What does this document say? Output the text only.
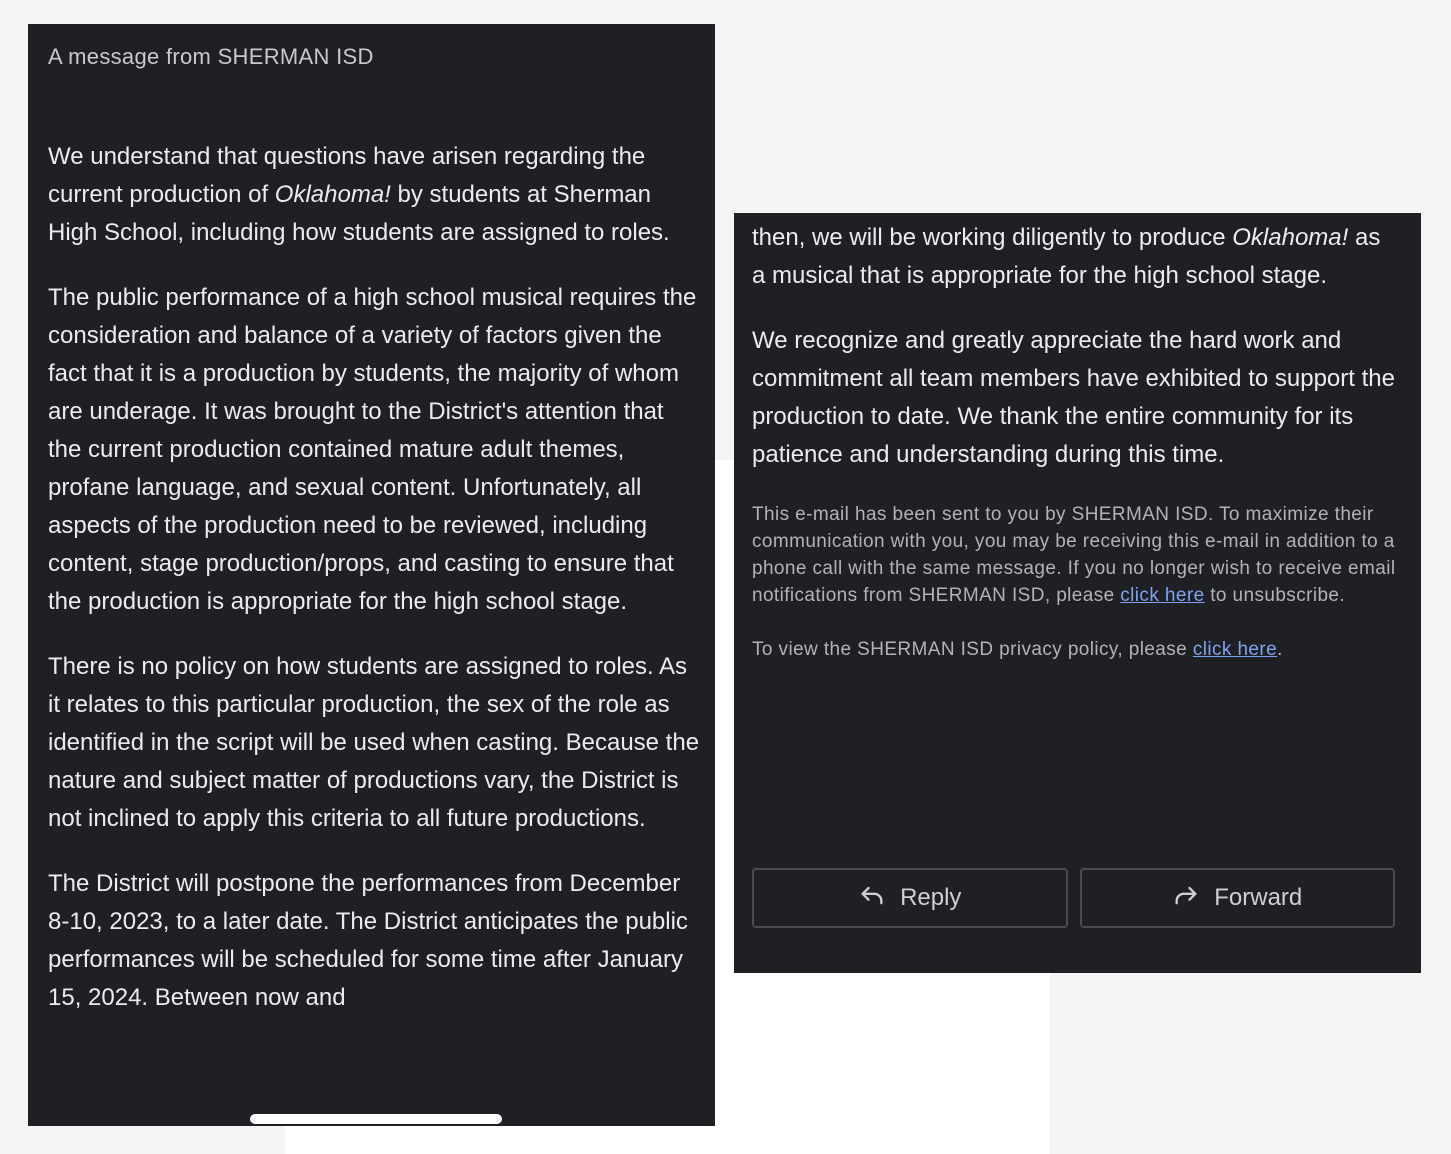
A message from SHERMAN ISD

We understand that questions have arisen regarding the current production of Oklahoma! by students at Sherman High School, including how students are assigned to roles.

The public performance of a high school musical requires the consideration and balance of a variety of factors given the fact that it is a production by students, the majority of whom are underage. It was brought to the District's attention that the current production contained mature adult themes, profane language, and sexual content. Unfortunately, all aspects of the production need to be reviewed, including content, stage production/props, and casting to ensure that the production is appropriate for the high school stage.

There is no policy on how students are assigned to roles. As it relates to this particular production, the sex of the role as identified in the script will be used when casting. Because the nature and subject matter of productions vary, the District is not inclined to apply this criteria to all future productions.

The District will postpone the performances from December 8-10, 2023, to a later date. The District anticipates the public performances will be scheduled for some time after January 15, 2024. Between now and

then, we will be working diligently to produce Oklahoma! as a musical that is appropriate for the high school stage.

We recognize and greatly appreciate the hard work and commitment all team members have exhibited to support the production to date. We thank the entire community for its patience and understanding during this time.

This e-mail has been sent to you by SHERMAN ISD. To maximize their communication with you, you may be receiving this e-mail in addition to a phone call with the same message. If you no longer wish to receive email notifications from SHERMAN ISD, please click here to unsubscribe.

To view the SHERMAN ISD privacy policy, please click here.

Reply	Forward
